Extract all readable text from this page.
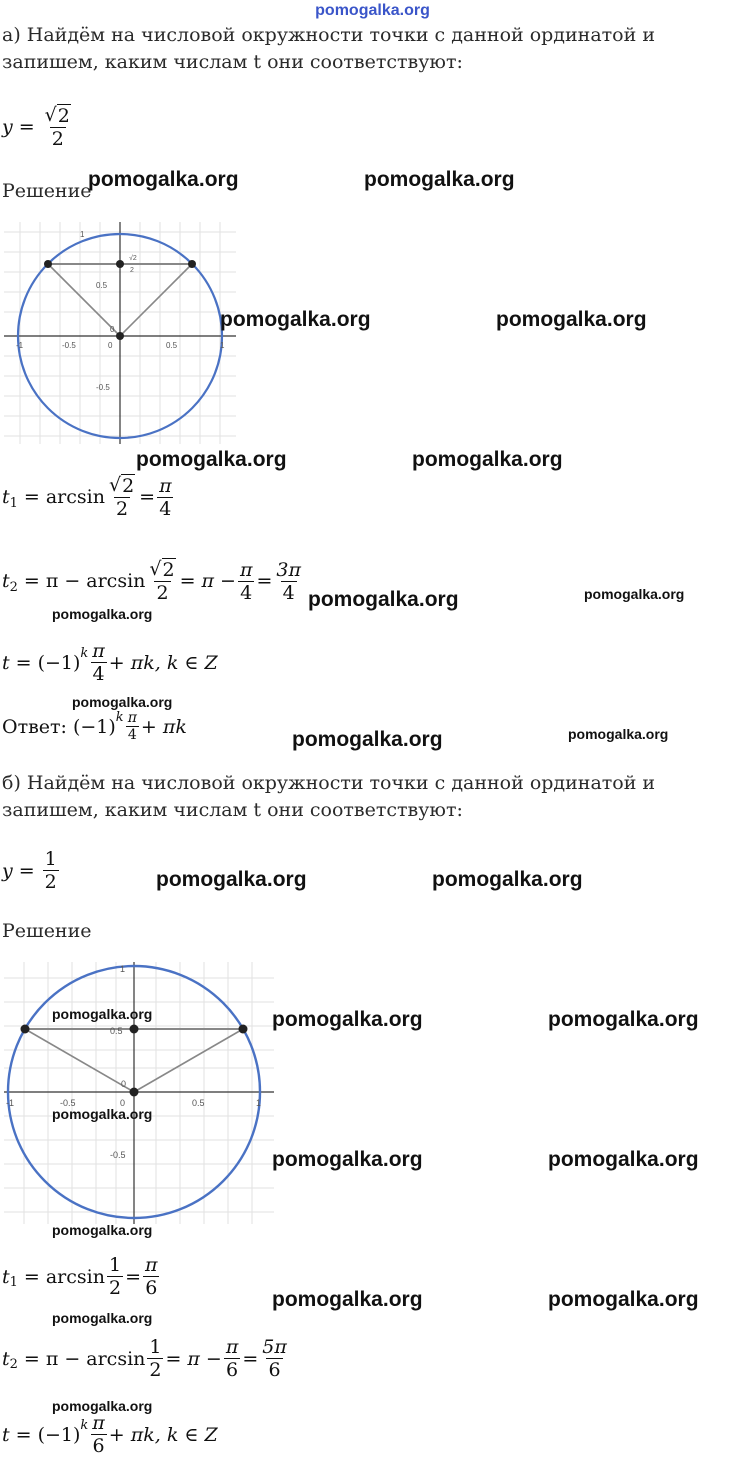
pomogalka.org
а) Найдём на числовой окружности точки с данной ординатой и запишем, каким числам t они соответствуют:
$y = \frac{√ 2}{2}$
Решение
-1	-0.5	0	0.5	1
1
0.5
-0.5
0
√2
2
t $1 = \arcsin \frac{√ 2}{2} = \frac{\pi}{4}$
t $2 = \pi - \arcsin \frac{√ 2}{2} = \pi - \frac{\pi}{4} = \frac{3\pi}{4}$
t = (−1) k $\frac{\pi}{4} + \pi k$, k ∈ Z
Ответ: (−1) k $\frac{\pi}{4} + \pi k$
б) Найдём на числовой окружности точки с данной ординатой и запишем, каким числам t они соответствуют:
$y = \frac{1}{2}$
Решение
-1	-0.5	0	0.5	1
1
0.5
-0.5
0
t $1 = \arcsin \frac{1}{2} = \frac{\pi}{6}$
t $2 = \pi - \arcsin \frac{1}{2} = \pi - \frac{\pi}{6} = \frac{5\pi}{6}$
t = (−1) k $\frac{\pi}{6} + \pi k$, k ∈ Z
pomogalka.org	pomogalka.org
pomogalka.org	pomogalka.org
pomogalka.org	pomogalka.org
pomogalka.org	pomogalka.org
pomogalka.org
pomogalka.org
pomogalka.org	pomogalka.org
pomogalka.org	pomogalka.org
pomogalka.org	pomogalka.org	pomogalka.org
pomogalka.org
pomogalka.org	pomogalka.org
pomogalka.org
pomogalka.org	pomogalka.org
pomogalka.org
pomogalka.org
